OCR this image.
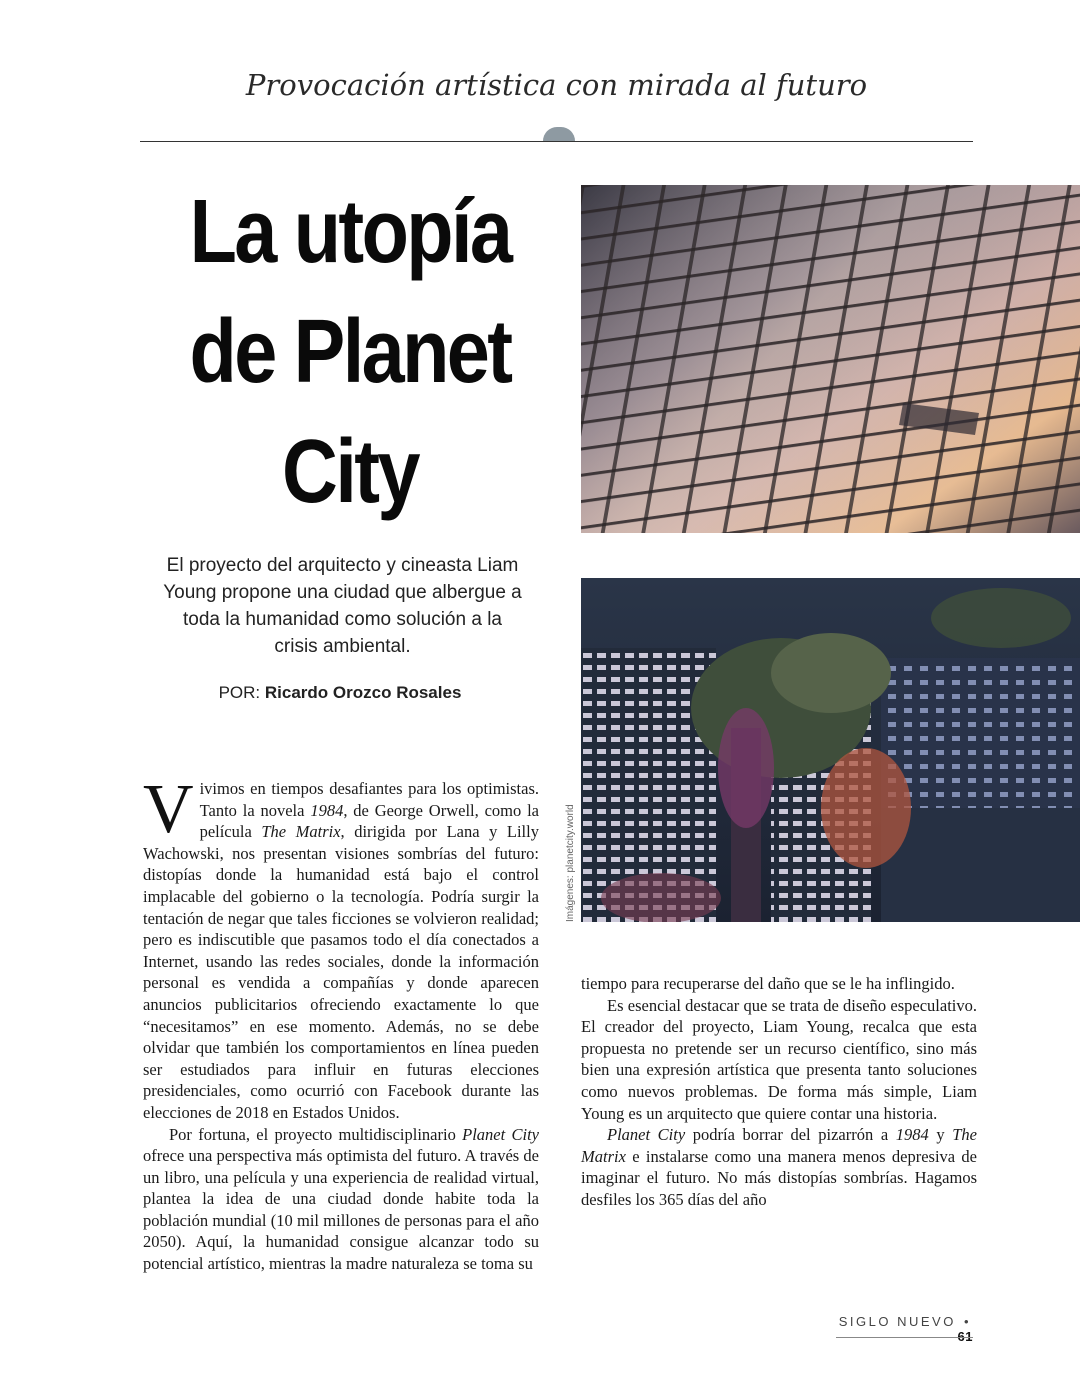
Provocación artística con mirada al futuro
La utopía de Planet City

El proyecto del arquitecto y cineasta Liam Young propone una ciudad que albergue a toda la humanidad como solución a la crisis ambiental.

POR: Ricardo Orozco Rosales
Imágenes: planetcity.world

Vivimos en tiempos desafiantes para los optimistas. Tanto la novela 1984, de George Orwell, como la película The Matrix, dirigida por Lana y Lilly Wachowski, nos presentan visiones sombrías del futuro: distopías donde la humanidad está bajo el control implacable del gobierno o la tecnología. Podría surgir la tentación de negar que tales ficciones se volvieron realidad; pero es indiscutible que pasamos todo el día conectados a Internet, usando las redes sociales, donde la información personal es vendida a compañías y donde aparecen anuncios publicitarios ofreciendo exactamente lo que “necesitamos” en ese momento. Además, no se debe olvidar que también los comportamientos en línea pueden ser estudiados para influir en futuras elecciones presidenciales, como ocurrió con Facebook durante las elecciones de 2018 en Estados Unidos.

Por fortuna, el proyecto multidisciplinario Planet City ofrece una perspectiva más optimista del futuro. A través de un libro, una película y una experiencia de realidad virtual, plantea la idea de una ciudad donde habite toda la población mundial (10 mil millones de personas para el año 2050). Aquí, la humanidad consigue alcanzar todo su potencial artístico, mientras la madre naturaleza se toma su

tiempo para recuperarse del daño que se le ha inflingido.

Es esencial destacar que se trata de diseño especulativo. El creador del proyecto, Liam Young, recalca que esta propuesta no pretende ser un recurso científico, sino más bien una expresión artística que presenta tanto soluciones como nuevos problemas. De forma más simple, Liam Young es un arquitecto que quiere contar una historia.

Planet City podría borrar del pizarrón a 1984 y The Matrix e instalarse como una manera menos depresiva de imaginar el futuro. No más distopías sombrías. Hagamos desfiles los 365 días del año

SIGLO NUEVO • 61
